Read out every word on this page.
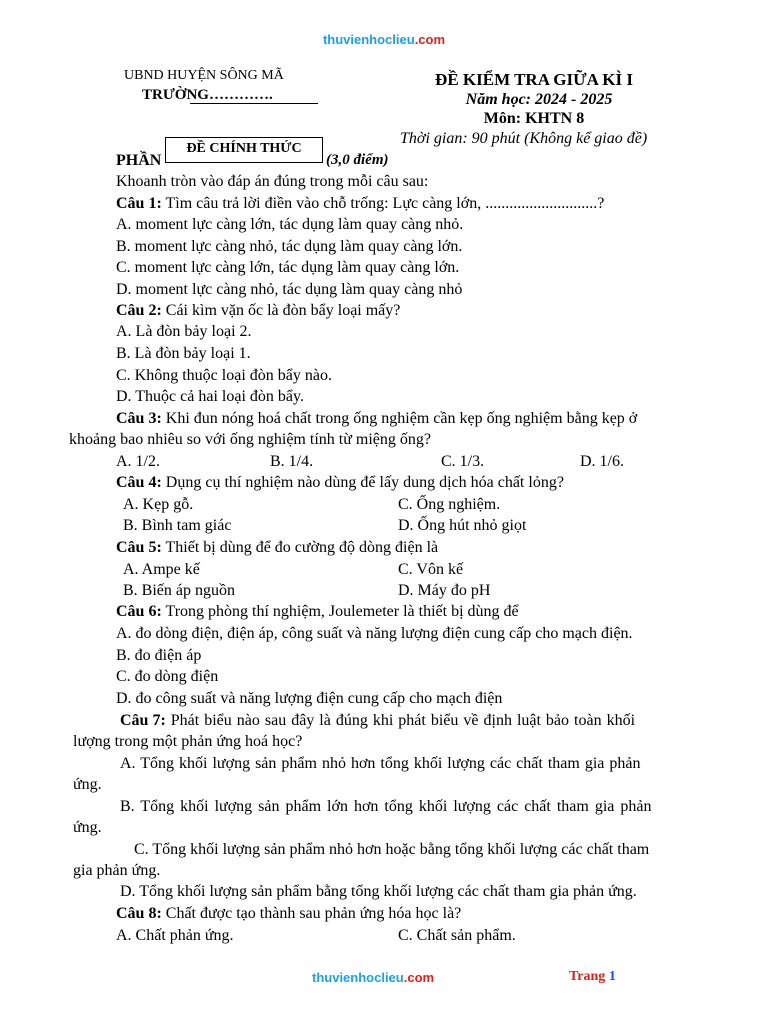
thuvienhoclieu.com
UBND HUYỆN SÔNG MÃ
TRƯỜNG………….
ĐỀ KIỂM TRA GIỮA KÌ I
Năm học: 2024 - 2025
Môn: KHTN 8
Thời gian: 90 phút (Không kể giao đề)
PHẦN
ĐỀ CHÍNH THỨC
(3,0 điểm)
Khoanh tròn vào đáp án đúng trong mỗi câu sau:
Câu 1: Tìm câu trả lời điền vào chỗ trống: Lực càng lớn, ............................?
A. moment lực càng lớn, tác dụng làm quay càng nhỏ.
B. moment lực càng nhỏ, tác dụng làm quay càng lớn.
C. moment lực càng lớn, tác dụng làm quay càng lớn.
D. moment lực càng nhỏ, tác dụng làm quay càng nhỏ
Câu 2: Cái kìm vặn ốc là đòn bẩy loại mấy?
A. Là đòn bảy loại 2.
B. Là đòn bảy loại 1.
C. Không thuộc loại đòn bẩy nào.
D. Thuộc cả hai loại đòn bẩy.
Câu 3: Khi đun nóng hoá chất trong ống nghiệm cần kẹp ống nghiệm bằng kẹp ở
khoảng bao nhiêu so với ống nghiệm tính từ miệng ống?
A. 1/2.	B. 1/4.	C. 1/3.	D. 1/6.
Câu 4: Dụng cụ thí nghiệm nào dùng để lấy dung dịch hóa chất lỏng?
A. Kẹp gỗ.	C. Ống nghiệm.
B. Bình tam giác	D. Ống hút nhỏ giọt
Câu 5: Thiết bị dùng để đo cường độ dòng điện là
A. Ampe kế	C. Vôn kế
B. Biến áp nguồn	D. Máy đo pH
Câu 6: Trong phòng thí nghiệm, Joulemeter là thiết bị dùng để
A. đo dòng điện, điện áp, công suất và năng lượng điện cung cấp cho mạch điện.
B. đo điện áp
C. đo dòng điện
D. đo công suất và năng lượng điện cung cấp cho mạch điện
Câu 7: Phát biểu nào sau đây là đúng khi phát biểu về định luật bảo toàn khối
lượng trong một phản ứng hoá học?
A. Tổng khối lượng sản phẩm nhỏ hơn tổng khối lượng các chất tham gia phản
ứng.
B. Tổng khối lượng sản phẩm lớn hơn tổng khối lượng các chất tham gia phản
ứng.
C. Tổng khối lượng sản phẩm nhỏ hơn hoặc bằng tổng khối lượng các chất tham
gia phản ứng.
D. Tổng khối lượng sản phẩm bằng tổng khối lượng các chất tham gia phản ứng.
Câu 8: Chất được tạo thành sau phản ứng hóa học là?
A. Chất phản ứng.	C. Chất sản phẩm.
thuvienhoclieu.com	Trang 1
